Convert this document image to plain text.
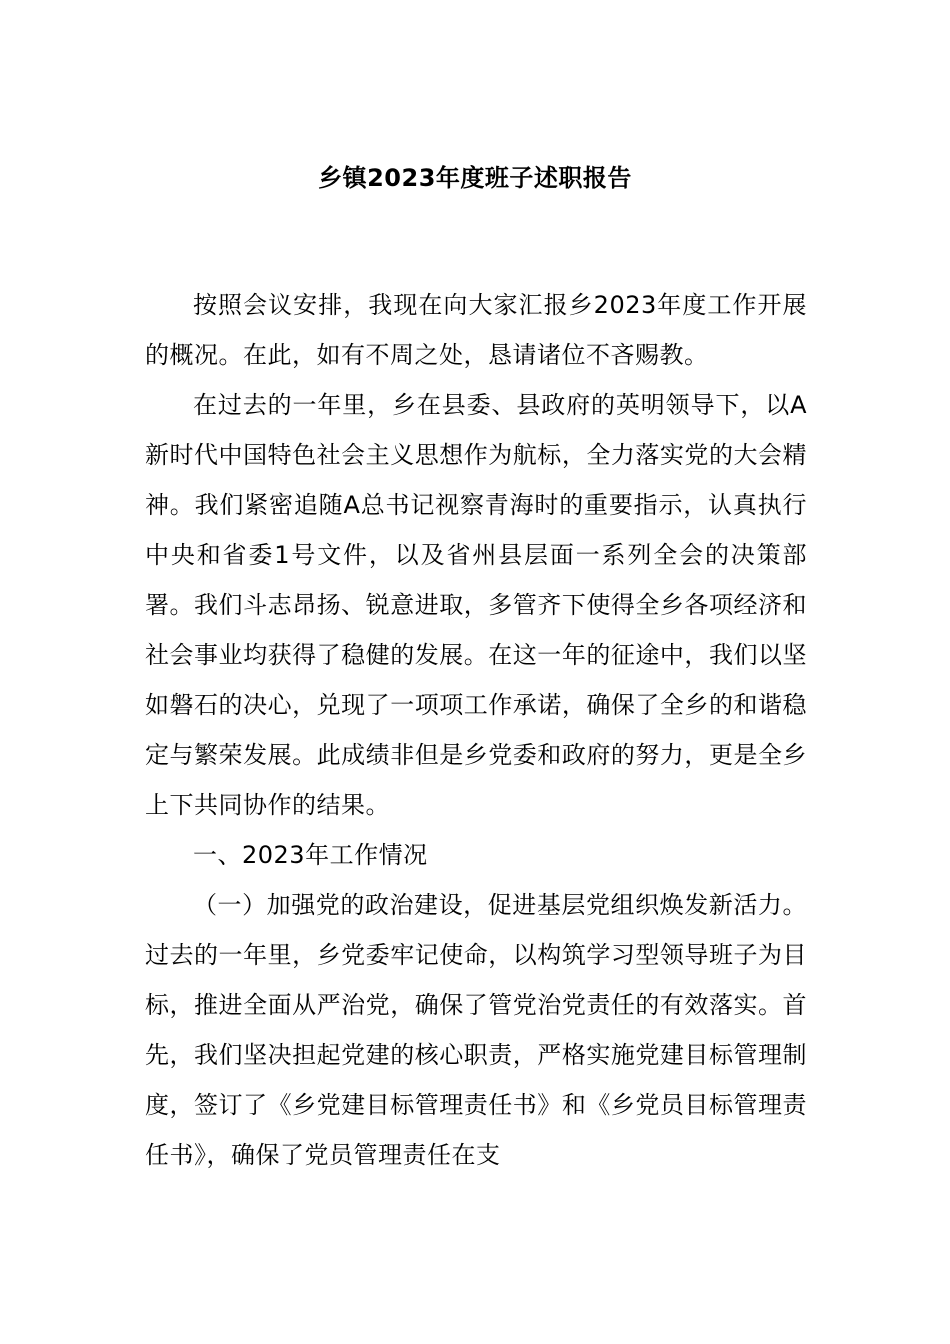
乡镇2023年度班子述职报告

按照会议安排，我现在向大家汇报乡2023年度工作开展的概况。在此，如有不周之处，恳请诸位不吝赐教。

在过去的一年里，乡在县委、县政府的英明领导下，以A新时代中国特色社会主义思想作为航标，全力落实党的大会精神。我们紧密追随A总书记视察青海时的重要指示，认真执行中央和省委1号文件，以及省州县层面一系列全会的决策部署。我们斗志昂扬、锐意进取，多管齐下使得全乡各项经济和社会事业均获得了稳健的发展。在这一年的征途中，我们以坚如磐石的决心，兑现了一项项工作承诺，确保了全乡的和谐稳定与繁荣发展。此成绩非但是乡党委和政府的努力，更是全乡上下共同协作的结果。

一、2023年工作情况

（一）加强党的政治建设，促进基层党组织焕发新活力。过去的一年里，乡党委牢记使命，以构筑学习型领导班子为目标，推进全面从严治党，确保了管党治党责任的有效落实。首先，我们坚决担起党建的核心职责，严格实施党建目标管理制度，签订了《乡党建目标管理责任书》和《乡党员目标管理责任书》，确保了党员管理责任在支
